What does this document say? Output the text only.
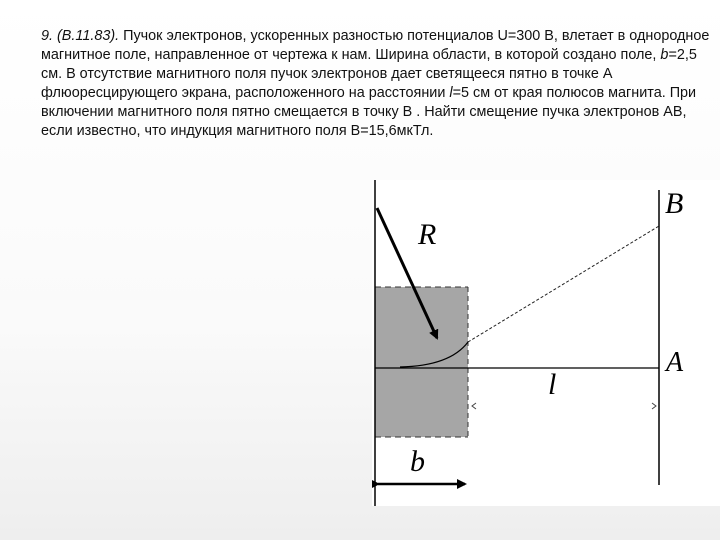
9. (В.11.83). Пучок электронов, ускоренных разностью потенциалов U=300 В, влетает в однородное магнитное поле, направленное от чертежа к нам. Ширина области, в которой создано поле, b=2,5 см. В отсутствие магнитного поля пучок электронов дает светящееся пятно в точке А флюоресцирующего экрана, расположенного на расстоянии l=5 см от края полюсов магнита. При включении магнитного поля пятно смещается в точку В . Найти смещение пучка электронов АВ, если известно, что индукция магнитного поля В=15,6мкТл.
R
B
A
l
b
